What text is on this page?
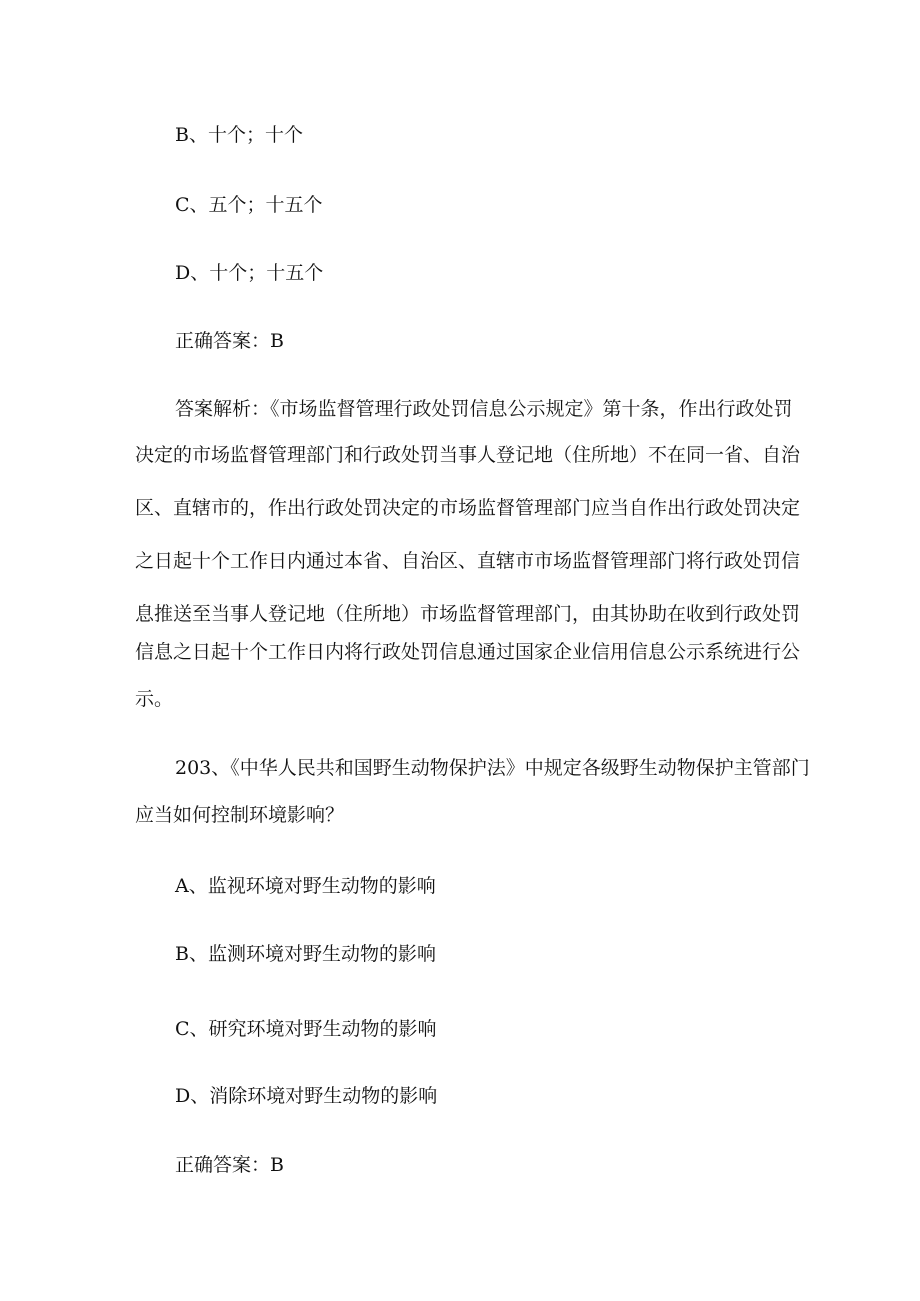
B、十个；十个
C、五个；十五个
D、十个；十五个
正确答案：B
答案解析：《市场监督管理行政处罚信息公示规定》第十条，作出行政处罚
决定的市场监督管理部门和行政处罚当事人登记地（住所地）不在同一省、自治
区、直辖市的，作出行政处罚决定的市场监督管理部门应当自作出行政处罚决定
之日起十个工作日内通过本省、自治区、直辖市市场监督管理部门将行政处罚信
息推送至当事人登记地（住所地）市场监督管理部门，由其协助在收到行政处罚
信息之日起十个工作日内将行政处罚信息通过国家企业信用信息公示系统进行公
示。
203、《中华人民共和国野生动物保护法》中规定各级野生动物保护主管部门
应当如何控制环境影响？
A、监视环境对野生动物的影响
B、监测环境对野生动物的影响
C、研究环境对野生动物的影响
D、消除环境对野生动物的影响
正确答案：B
